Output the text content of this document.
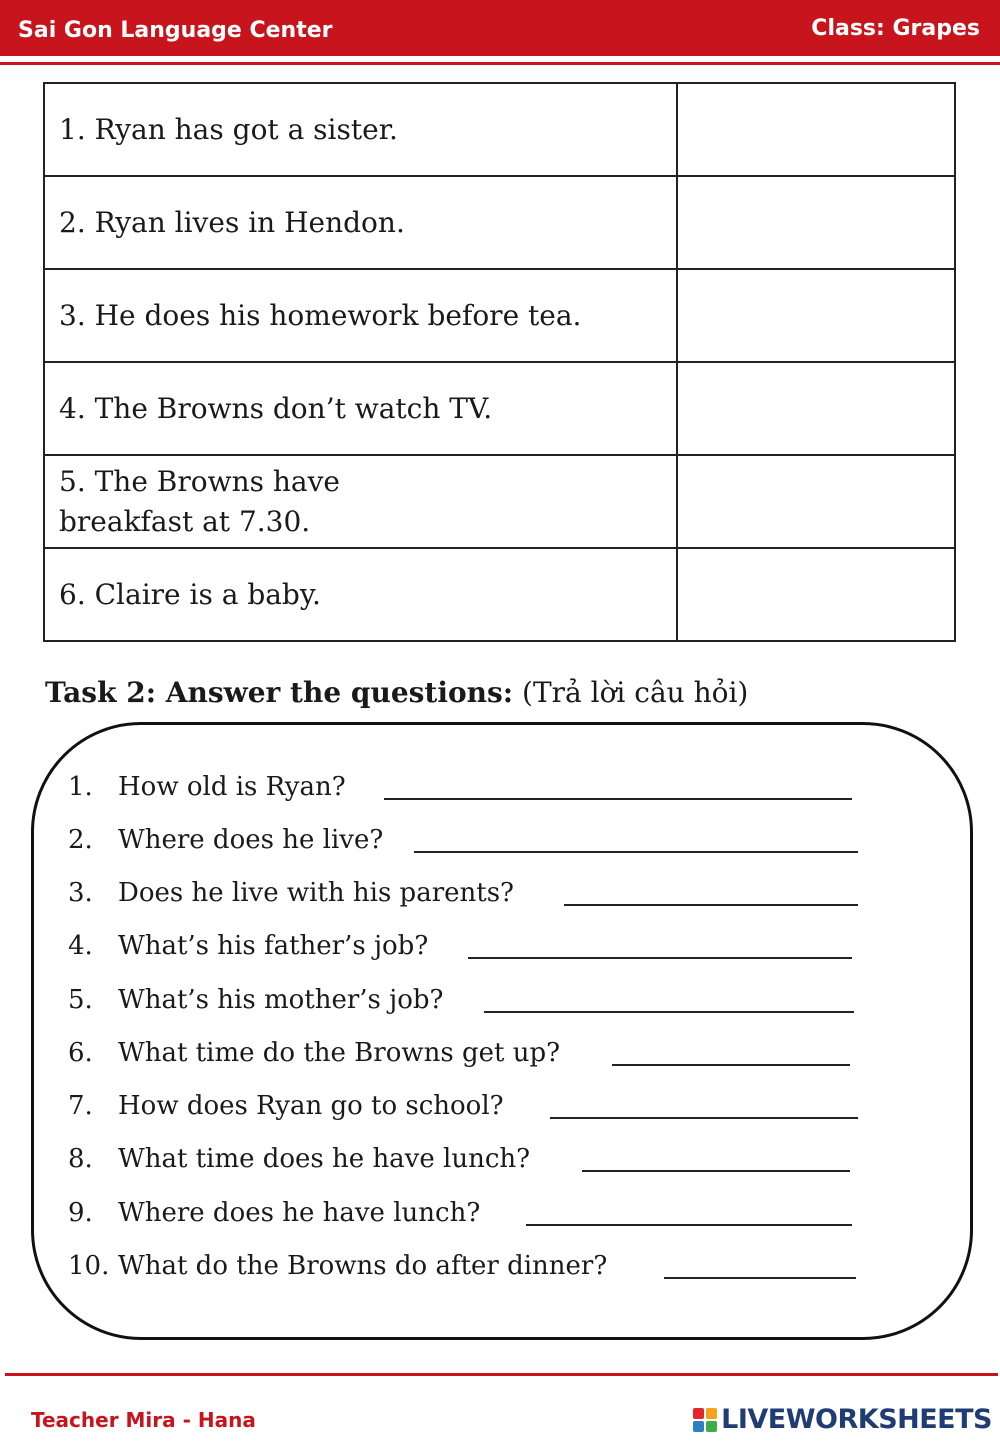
Sai Gon Language Center	Class: Grapes
1. Ryan has got a sister.	
2. Ryan lives in Hendon.	
3. He does his homework before tea.	
4. The Browns don’t watch TV.	
5. The Browns have breakfast at 7.30.	
6. Claire is a baby.	
Task 2: Answer the questions: (Trả lời câu hỏi)
1. How old is Ryan?
2. Where does he live?
3. Does he live with his parents?
4. What’s his father’s job?
5. What’s his mother’s job?
6. What time do the Browns get up?
7. How does Ryan go to school?
8. What time does he have lunch?
9. Where does he have lunch?
10. What do the Browns do after dinner?
Teacher Mira - Hana	LIVEWORKSHEETS
